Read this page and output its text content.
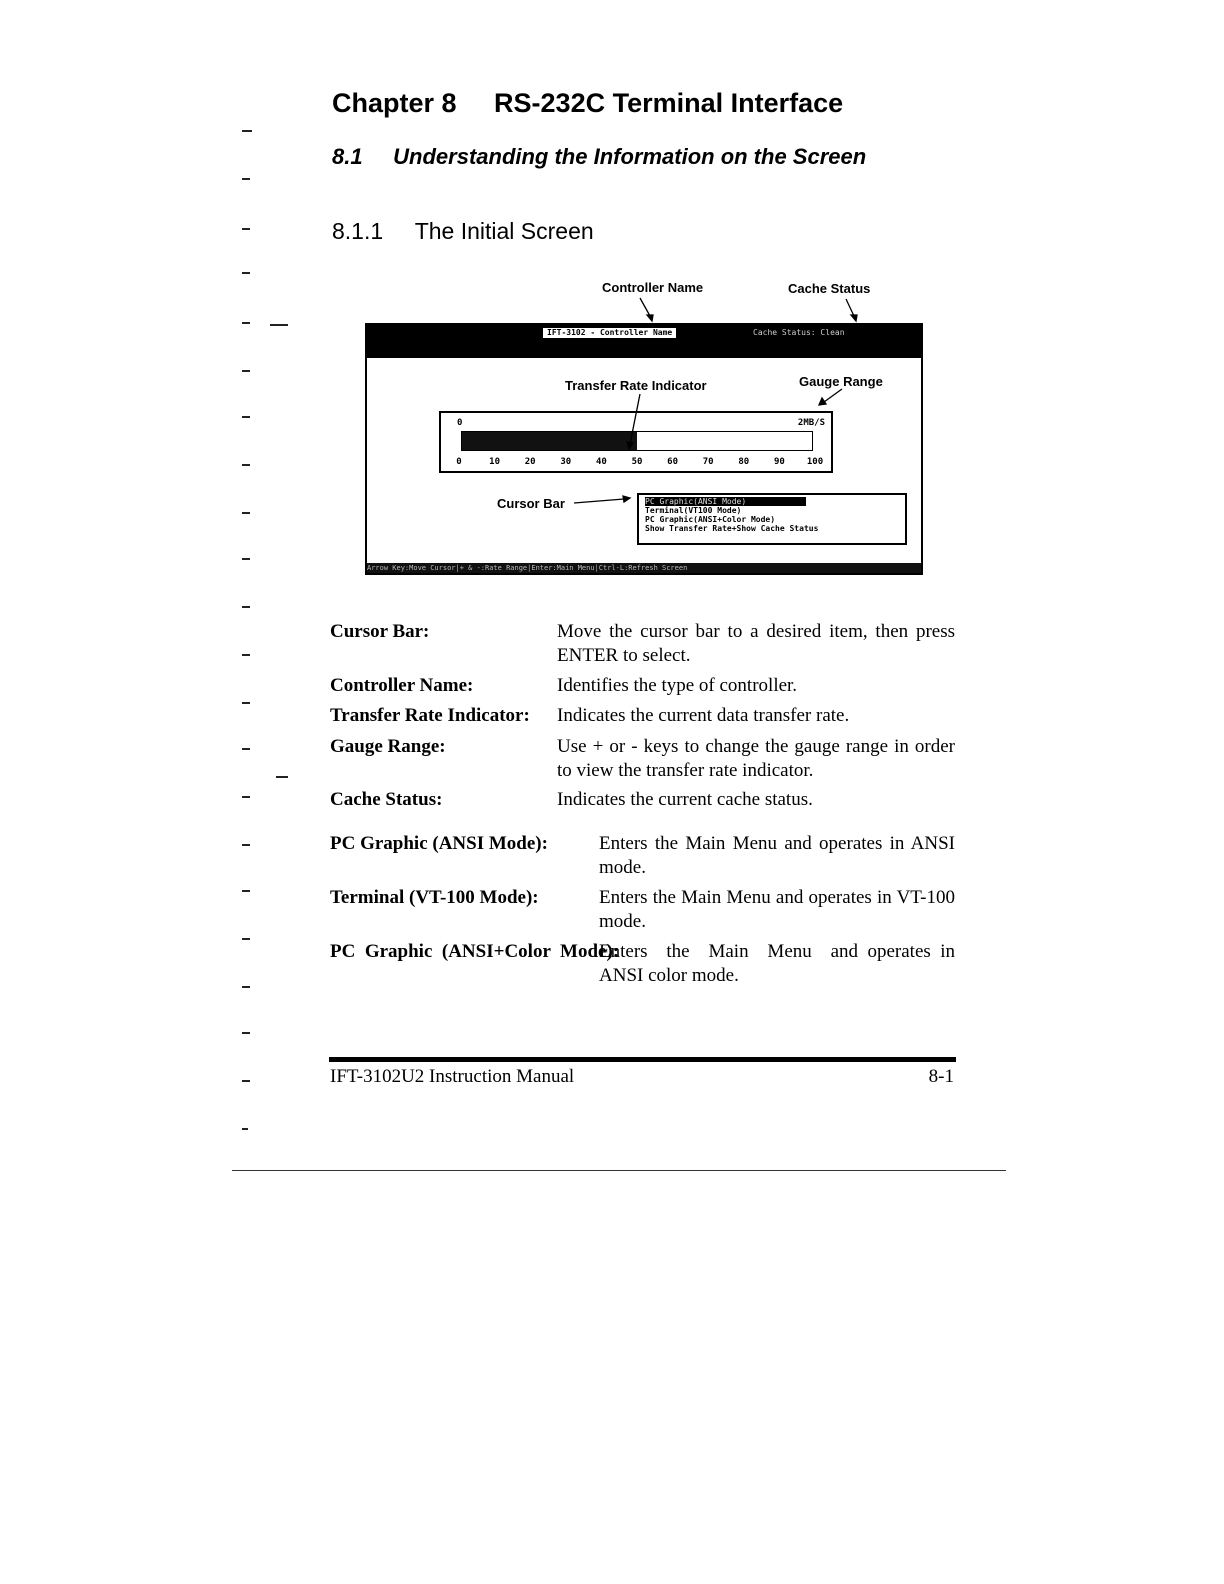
Chapter 8     RS-232C Terminal Interface
8.1     Understanding the Information on the Screen
8.1.1     The Initial Screen
Controller Name	Cache Status
IFT-3102 - Controller Name	Cache Status: Clean
Transfer Rate Indicator	Gauge Range
0	2MB/S
0	10	20	30	40	50	60	70	80	90 100
Cursor Bar	PC Graphic(ANSI Mode)
Terminal(VT100 Mode)
PC Graphic(ANSI+Color Mode)
Show Transfer Rate+Show Cache Status
Arrow Key:Move Cursor|+ & -:Rate Range|Enter:Main Menu|Ctrl-L:Refresh Screen
Cursor Bar:	Move the cursor bar to a desired item, then press ENTER to select.
Controller Name:	Identifies the type of controller.
Transfer Rate Indicator: Indicates the current data transfer rate.
Gauge Range:	Use + or - keys to change the gauge range in order to view the transfer rate indicator.
Cache Status:	Indicates the current cache status.
PC Graphic (ANSI Mode):	Enters the Main Menu and operates in ANSI mode.
Terminal (VT-100 Mode):	Enters the Main Menu and operates in VT-100 mode.
PC  Graphic  (ANSI+Color  Mode):
Enters  the  Main  Menu  and operates in ANSI color mode.
IFT-3102U2 Instruction Manual	8-1
